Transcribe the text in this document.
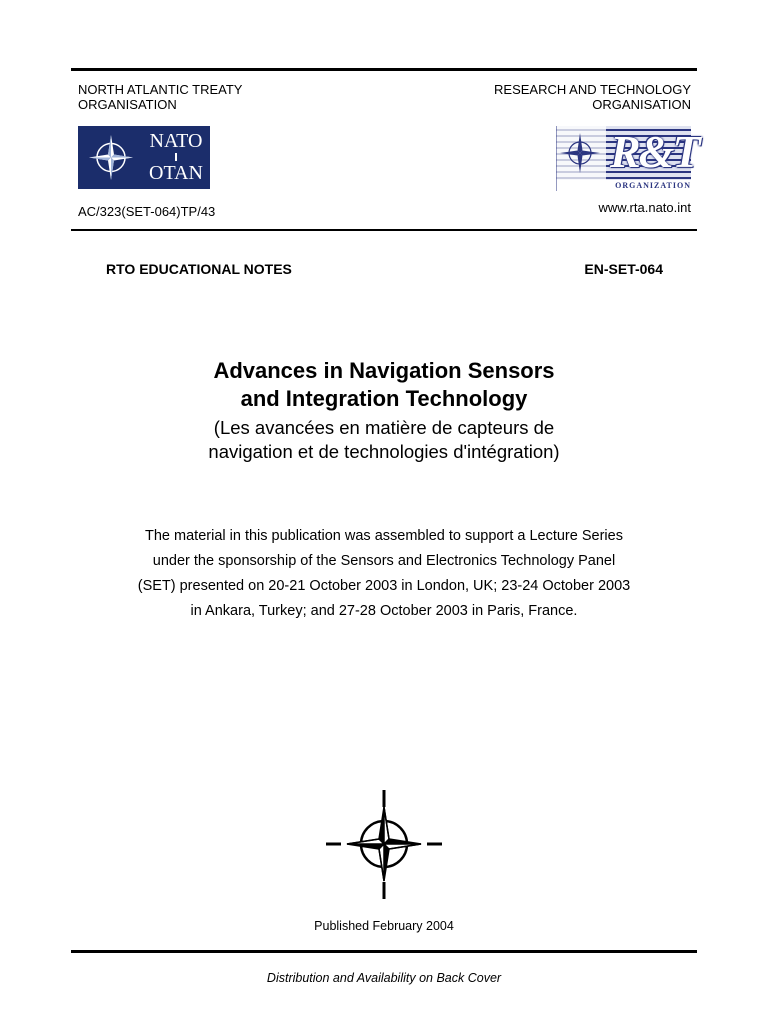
NORTH ATLANTIC TREATY
ORGANISATION
RESEARCH AND TECHNOLOGY
ORGANISATION
NATO
OTAN	R&T
ORGANIZATION
AC/323(SET-064)TP/43	www.rta.nato.int
RTO EDUCATIONAL NOTES	EN-SET-064
Advances in Navigation Sensors
and Integration Technology
(Les avancées en matière de capteurs de
navigation et de technologies d'intégration)
The material in this publication was assembled to support a Lecture Series
under the sponsorship of the Sensors and Electronics Technology Panel
(SET) presented on 20-21 October 2003 in London, UK; 23-24 October 2003
in Ankara, Turkey; and 27-28 October 2003 in Paris, France.
Published February 2004
Distribution and Availability on Back Cover
